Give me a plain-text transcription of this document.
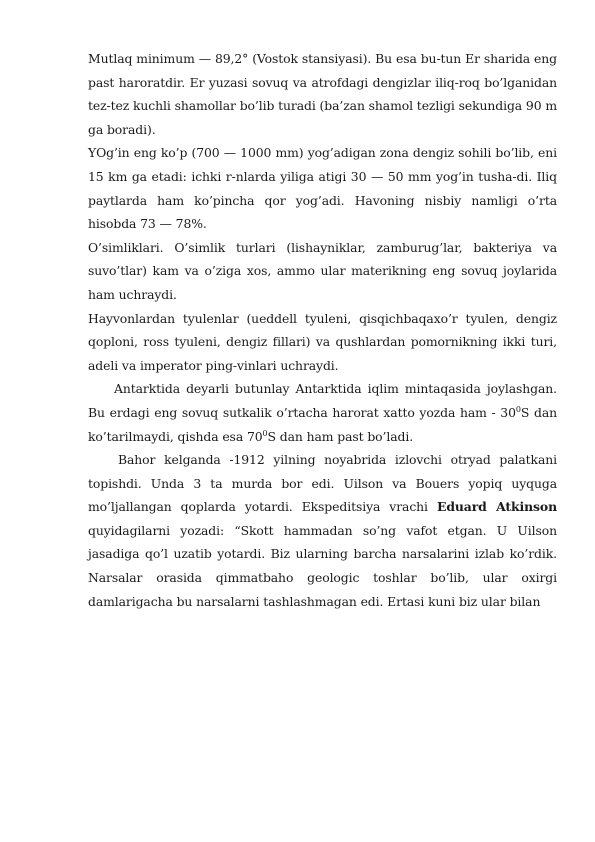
Mutlaq minimum — 89,2° (Vostok stansiyasi). Bu esa bu-tun Er sharida eng past haroratdir. Er yuzasi sovuq va atrofdagi dengizlar iliq-roq bo’lganidan tez-tez kuchli shamollar bo’lib turadi (ba’zan shamol tezligi sekundiga 90 m ga boradi).

YOg’in eng ko’p (700 — 1000 mm) yog’adigan zona dengiz sohili bo’lib, eni 15 km ga etadi: ichki r-nlarda yiliga atigi 30 — 50 mm yog’in tusha-di. Iliq paytlarda ham ko’pincha qor yog’adi. Havoning nisbiy namligi o’rta hisobda 73 — 78%.

O’simliklari. O’simlik turlari (lishayniklar, zamburug’lar, bakteriya va suvo’tlar) kam va o’ziga xos, ammo ular materikning eng sovuq joylarida ham uchraydi.

Hayvonlardan tyulenlar (ueddell tyuleni, qisqichbaqaxo’r tyulen, dengiz qoploni, ross tyuleni, dengiz fillari) va qushlardan pomornikning ikki turi, adeli va imperator ping-vinlari uchraydi.

Antarktida deyarli butunlay Antarktida iqlim mintaqasida joylashgan. Bu erdagi eng sovuq sutkalik o’rtacha harorat xatto yozda ham - $30^0S$ dan ko’tarilmaydi, qishda esa $70^0S$ dan ham past bo’ladi.

Bahor kelganda -1912 yilning noyabrida izlovchi otryad palatkani topishdi. Unda 3 ta murda bor edi. Uilson va Bouers yopiq uyquga mo’ljallangan qoplarda yotardi. Ekspeditsiya vrachi Eduard Atkinson quyidagilarni yozadi: “Skott hammadan so’ng vafot etgan. U Uilson jasadiga qo’l uzatib yotardi. Biz ularning barcha narsalarini izlab ko’rdik. Narsalar orasida qimmatbaho geologic toshlar bo’lib, ular oxirgi damlarigacha bu narsalarni tashlashmagan edi. Ertasi kuni biz ular bilan
